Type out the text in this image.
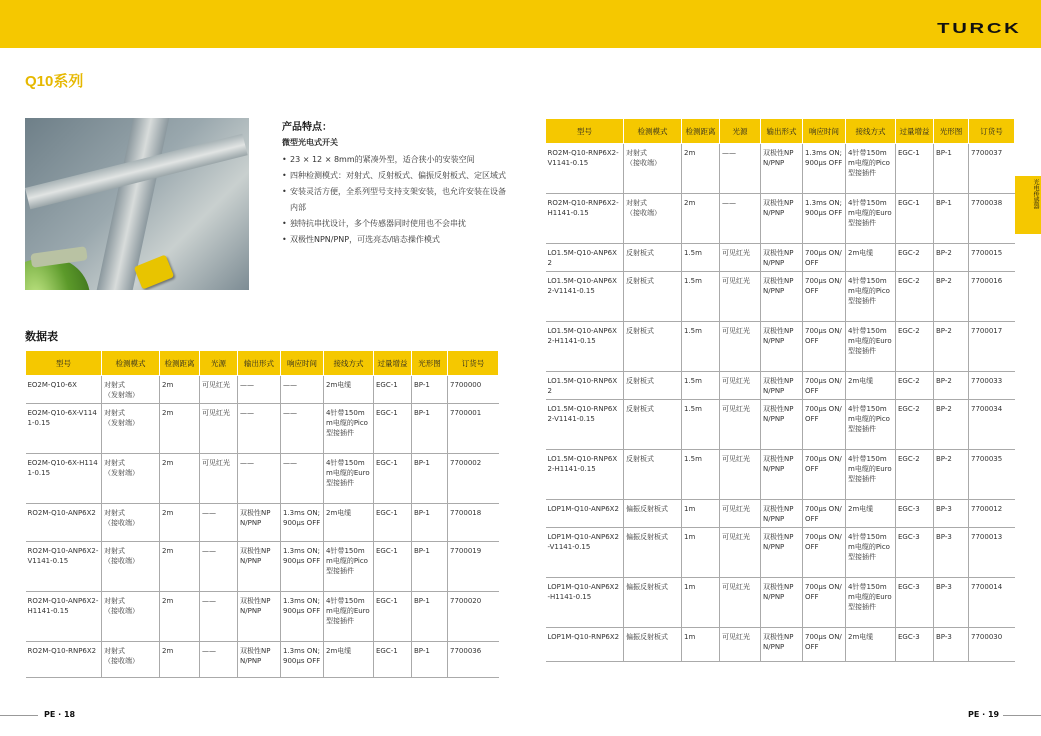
TURCK
Q10系列
产品特点：
微型光电式开关
• 23 × 12 × 8mm的紧凑外型，适合狭小的安装空间
• 四种检测模式：对射式、反射板式、偏振反射板式、定区域式
• 安装灵活方便，全系列型号支持支架安装，也允许安装在设备内部
• 独特抗串扰设计，多个传感器同时使用也不会串扰
• 双极性NPN/PNP，可选亮态/暗态操作模式
数据表
型号	检测模式	检测距离	光源	输出形式	响应时间	接线方式	过量增益	光形图	订货号
EO2M-Q10-6X	对射式
（发射端）	2m	可见红光	——	——	2m电缆	EGC-1	BP-1	7700000
EO2M-Q10-6X-V1141-0.15	对射式
（发射端）	2m	可见红光	——	——	4针带150mm电缆的Pico型接插件	EGC-1	BP-1	7700001
EO2M-Q10-6X-H1141-0.15	对射式
（发射端）	2m	可见红光	——	——	4针带150mm电缆的Euro型接插件	EGC-1	BP-1	7700002
RO2M-Q10-ANP6X2	对射式
（接收端）	2m	——	双极性NPN/PNP	1.3ms ON;900μs OFF	2m电缆	EGC-1	BP-1	7700018
RO2M-Q10-ANP6X2-V1141-0.15	对射式
（接收端）	2m	——	双极性NPN/PNP	1.3ms ON;900μs OFF	4针带150mm电缆的Pico型接插件	EGC-1	BP-1	7700019
RO2M-Q10-ANP6X2-H1141-0.15	对射式
（接收端）	2m	——	双极性NPN/PNP	1.3ms ON;900μs OFF	4针带150mm电缆的Euro型接插件	EGC-1	BP-1	7700020
RO2M-Q10-RNP6X2	对射式
（接收端）	2m	——	双极性NPN/PNP	1.3ms ON;900μs OFF	2m电缆	EGC-1	BP-1	7700036
型号	检测模式	检测距离	光源	输出形式	响应时间	接线方式	过量增益	光形图	订货号
RO2M-Q10-RNP6X2-V1141-0.15	对射式
（接收端）	2m	——	双极性NPN/PNP	1.3ms ON;900μs OFF	4针带150mm电缆的Pico型接插件	EGC-1	BP-1	7700037
RO2M-Q10-RNP6X2-H1141-0.15	对射式
（接收端）	2m	——	双极性NPN/PNP	1.3ms ON;900μs OFF	4针带150mm电缆的Euro型接插件	EGC-1	BP-1	7700038
LO1.5M-Q10-ANP6X2	反射板式	1.5m	可见红光	双极性NPN/PNP	700μs ON/OFF	2m电缆	EGC-2	BP-2	7700015
LO1.5M-Q10-ANP6X2-V1141-0.15	反射板式	1.5m	可见红光	双极性NPN/PNP	700μs ON/OFF	4针带150mm电缆的Pico型接插件	EGC-2	BP-2	7700016
LO1.5M-Q10-ANP6X2-H1141-0.15	反射板式	1.5m	可见红光	双极性NPN/PNP	700μs ON/OFF	4针带150mm电缆的Euro型接插件	EGC-2	BP-2	7700017
LO1.5M-Q10-RNP6X2	反射板式	1.5m	可见红光	双极性NPN/PNP	700μs ON/OFF	2m电缆	EGC-2	BP-2	7700033
LO1.5M-Q10-RNP6X2-V1141-0.15	反射板式	1.5m	可见红光	双极性NPN/PNP	700μs ON/OFF	4针带150mm电缆的Pico型接插件	EGC-2	BP-2	7700034
LO1.5M-Q10-RNP6X2-H1141-0.15	反射板式	1.5m	可见红光	双极性NPN/PNP	700μs ON/OFF	4针带150mm电缆的Euro型接插件	EGC-2	BP-2	7700035
LOP1M-Q10-ANP6X2	偏振反射板式	1m	可见红光	双极性NPN/PNP	700μs ON/OFF	2m电缆	EGC-3	BP-3	7700012
LOP1M-Q10-ANP6X2-V1141-0.15	偏振反射板式	1m	可见红光	双极性NPN/PNP	700μs ON/OFF	4针带150mm电缆的Pico型接插件	EGC-3	BP-3	7700013
LOP1M-Q10-ANP6X2-H1141-0.15	偏振反射板式	1m	可见红光	双极性NPN/PNP	700μs ON/OFF	4针带150mm电缆的Euro型接插件	EGC-3	BP-3	7700014
LOP1M-Q10-RNP6X2	偏振反射板式	1m	可见红光	双极性NPN/PNP	700μs ON/OFF	2m电缆	EGC-3	BP-3	7700030
光电传感器
PE · 18	PE · 19
